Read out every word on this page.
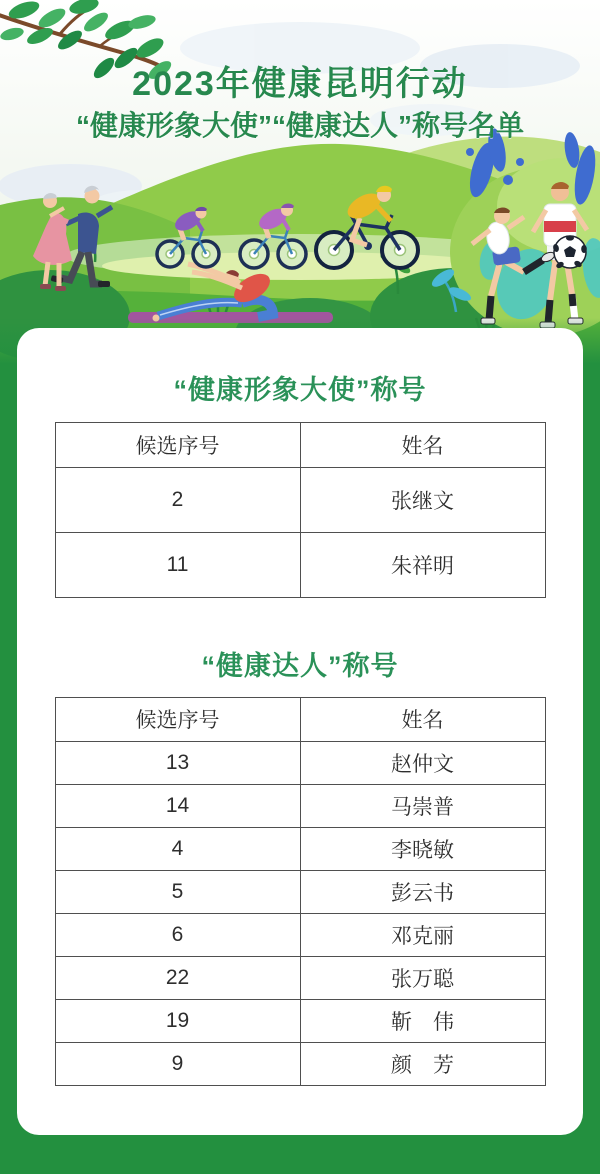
2023年健康昆明行动
“健康形象大使”“健康达人”称号名单
“健康形象大使”称号
候选序号	姓名
2	张继文
11	朱祥明
“健康达人”称号
候选序号	姓名
13	赵仲文
14	马崇普
4	李晓敏
5	彭云书
6	邓克丽
22	张万聪
19	靳　伟
9	颜　芳
